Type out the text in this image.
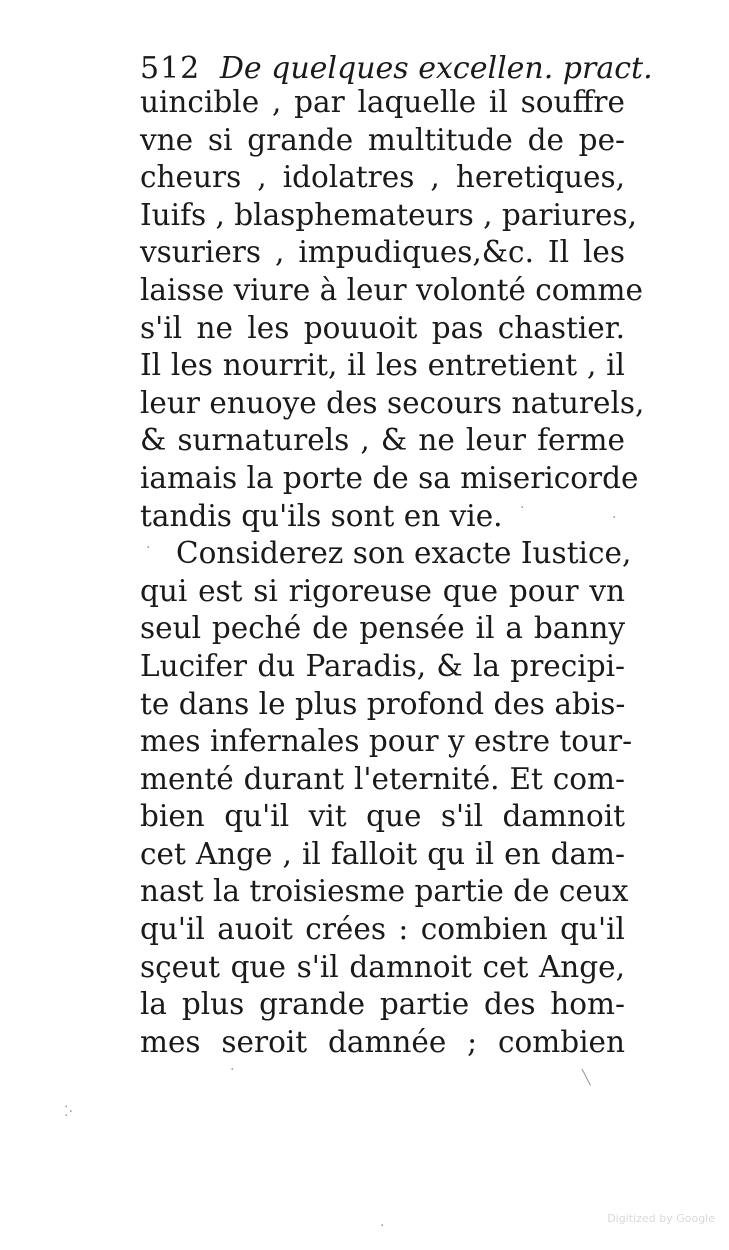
512 De quelques excellen. pract.
uincible , par laquelle il souffre
vne si grande multitude de pe-
cheurs , idolatres , heretiques,
Iuifs , blasphemateurs , pariures,
vsuriers , impudiques,&c. Il les
laisse viure à leur volonté comme
s'il ne les pouuoit pas chastier.
Il les nourrit, il les entretient , il
leur enuoye des secours naturels,
& surnaturels , & ne leur ferme
iamais la porte de sa misericorde
tandis qu'ils sont en vie.
Considerez son exacte Iustice,
qui est si rigoreuse que pour vn
seul peché de pensée il a banny
Lucifer du Paradis, & la precipi-
te dans le plus profond des abis-
mes infernales pour y estre tour-
menté durant l'eternité. Et com-
bien qu'il vit que s'il damnoit
cet Ange , il falloit qu il en dam-
nast la troisiesme partie de ceux
qu'il auoit crées : combien qu'il
sçeut que s'il damnoit cet Ange,
la plus grande partie des hom-
mes seroit damnée ; combien
·
·
·
·	╲
⁚·
·	Digitized by Google
